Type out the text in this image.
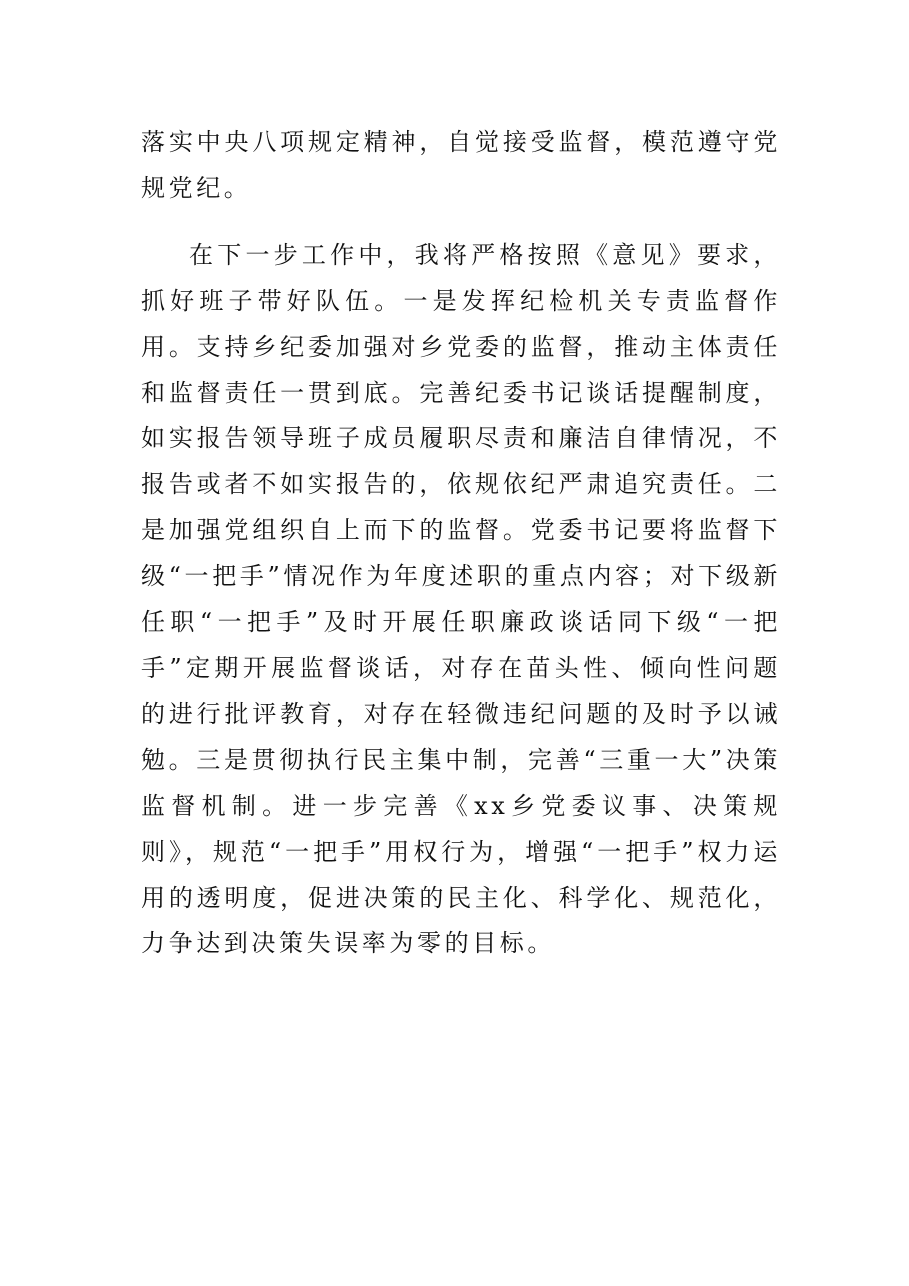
落实中央八项规定精神，自觉接受监督，模范遵守党规党纪。

在下一步工作中，我将严格按照《意见》要求，抓好班子带好队伍。一是发挥纪检机关专责监督作用。支持乡纪委加强对乡党委的监督，推动主体责任和监督责任一贯到底。完善纪委书记谈话提醒制度，如实报告领导班子成员履职尽责和廉洁自律情况，不报告或者不如实报告的，依规依纪严肃追究责任。二是加强党组织自上而下的监督。党委书记要将监督下级“一把手”情况作为年度述职的重点内容；对下级新任职“一把手”及时开展任职廉政谈话同下级“一把手”定期开展监督谈话，对存在苗头性、倾向性问题的进行批评教育，对存在轻微违纪问题的及时予以诫勉。三是贯彻执行民主集中制，完善“三重一大”决策监督机制。进一步完善《xx乡党委议事、决策规则》，规范“一把手”用权行为，增强“一把手”权力运用的透明度，促进决策的民主化、科学化、规范化，力争达到决策失误率为零的目标。
